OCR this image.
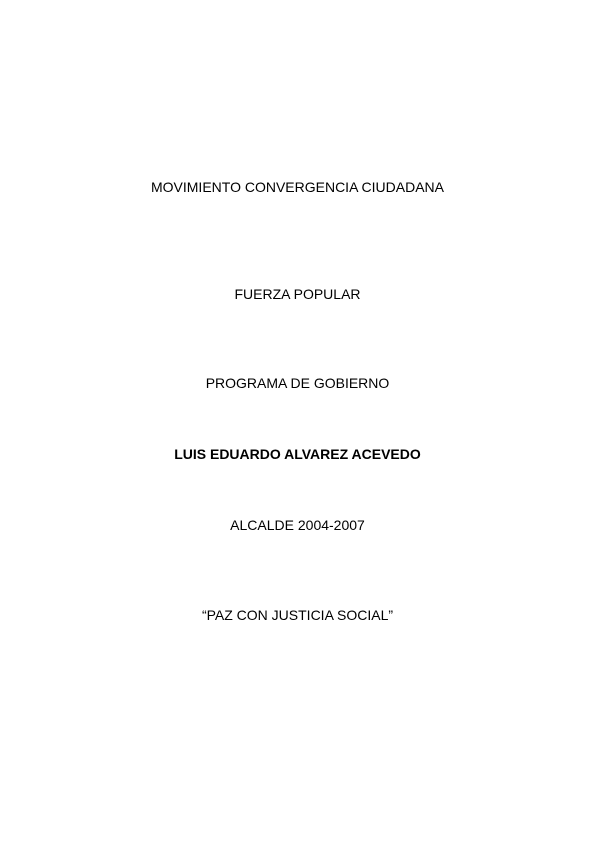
MOVIMIENTO CONVERGENCIA CIUDADANA
FUERZA POPULAR
PROGRAMA DE GOBIERNO
LUIS EDUARDO ALVAREZ ACEVEDO
ALCALDE 2004-2007
“PAZ CON JUSTICIA SOCIAL”
